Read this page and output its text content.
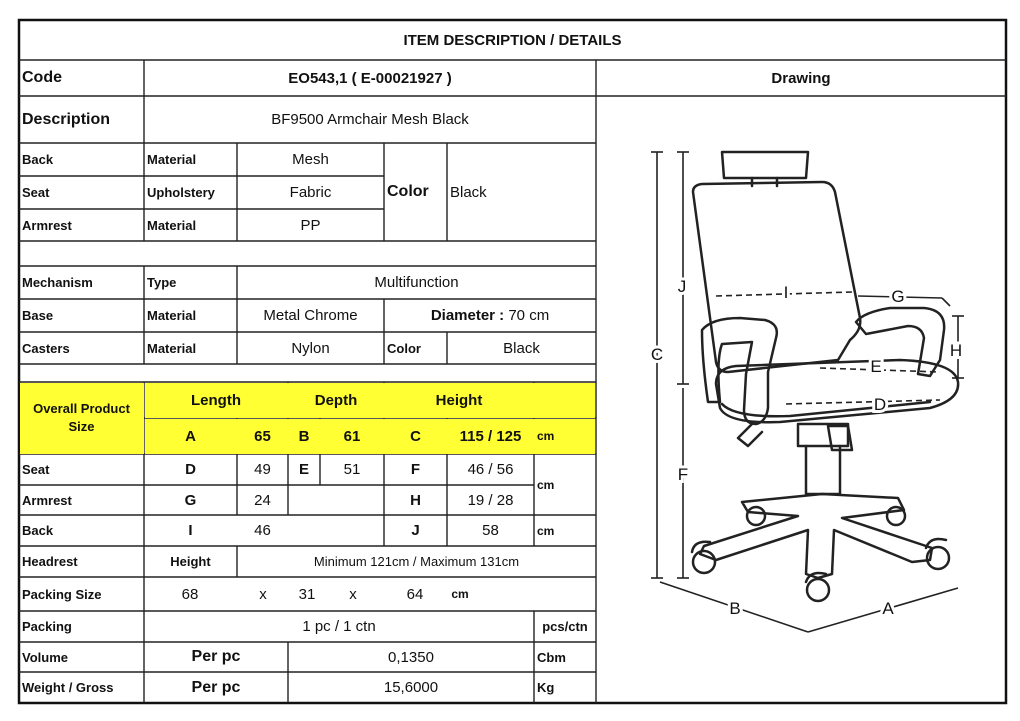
ITEM DESCRIPTION / DETAILS
Code	EO543,1 ( E-00021927 )	Drawing
Description	BF9500 Armchair Mesh Black
Back	Material	Mesh
Seat	Upholstery	Fabric
Armrest	Material	PP
Color	Black
Mechanism	Type	Multifunction
Base	Material	Metal Chrome	Diameter : 70 cm
Casters	Material	Nylon	Color	Black
Overall Product Size
Length	Depth	Height
A	65	B	61	C	115 / 125	cm
Seat	D	49	E	51	F	46 / 56
cm
Armrest	G	24	H	19 / 28
Back	I	46	J	58	cm
Headrest	Height	Minimum 121cm / Maximum 131cm
Packing Size	68	x	31	x	64	cm
Packing	1 pc / 1 ctn	pcs/ctn
Volume	Per pc	0,1350	Cbm
Weight / Gross	Per pc	15,6000	Kg
C
J
F
I	G
H
E
D
B	A
